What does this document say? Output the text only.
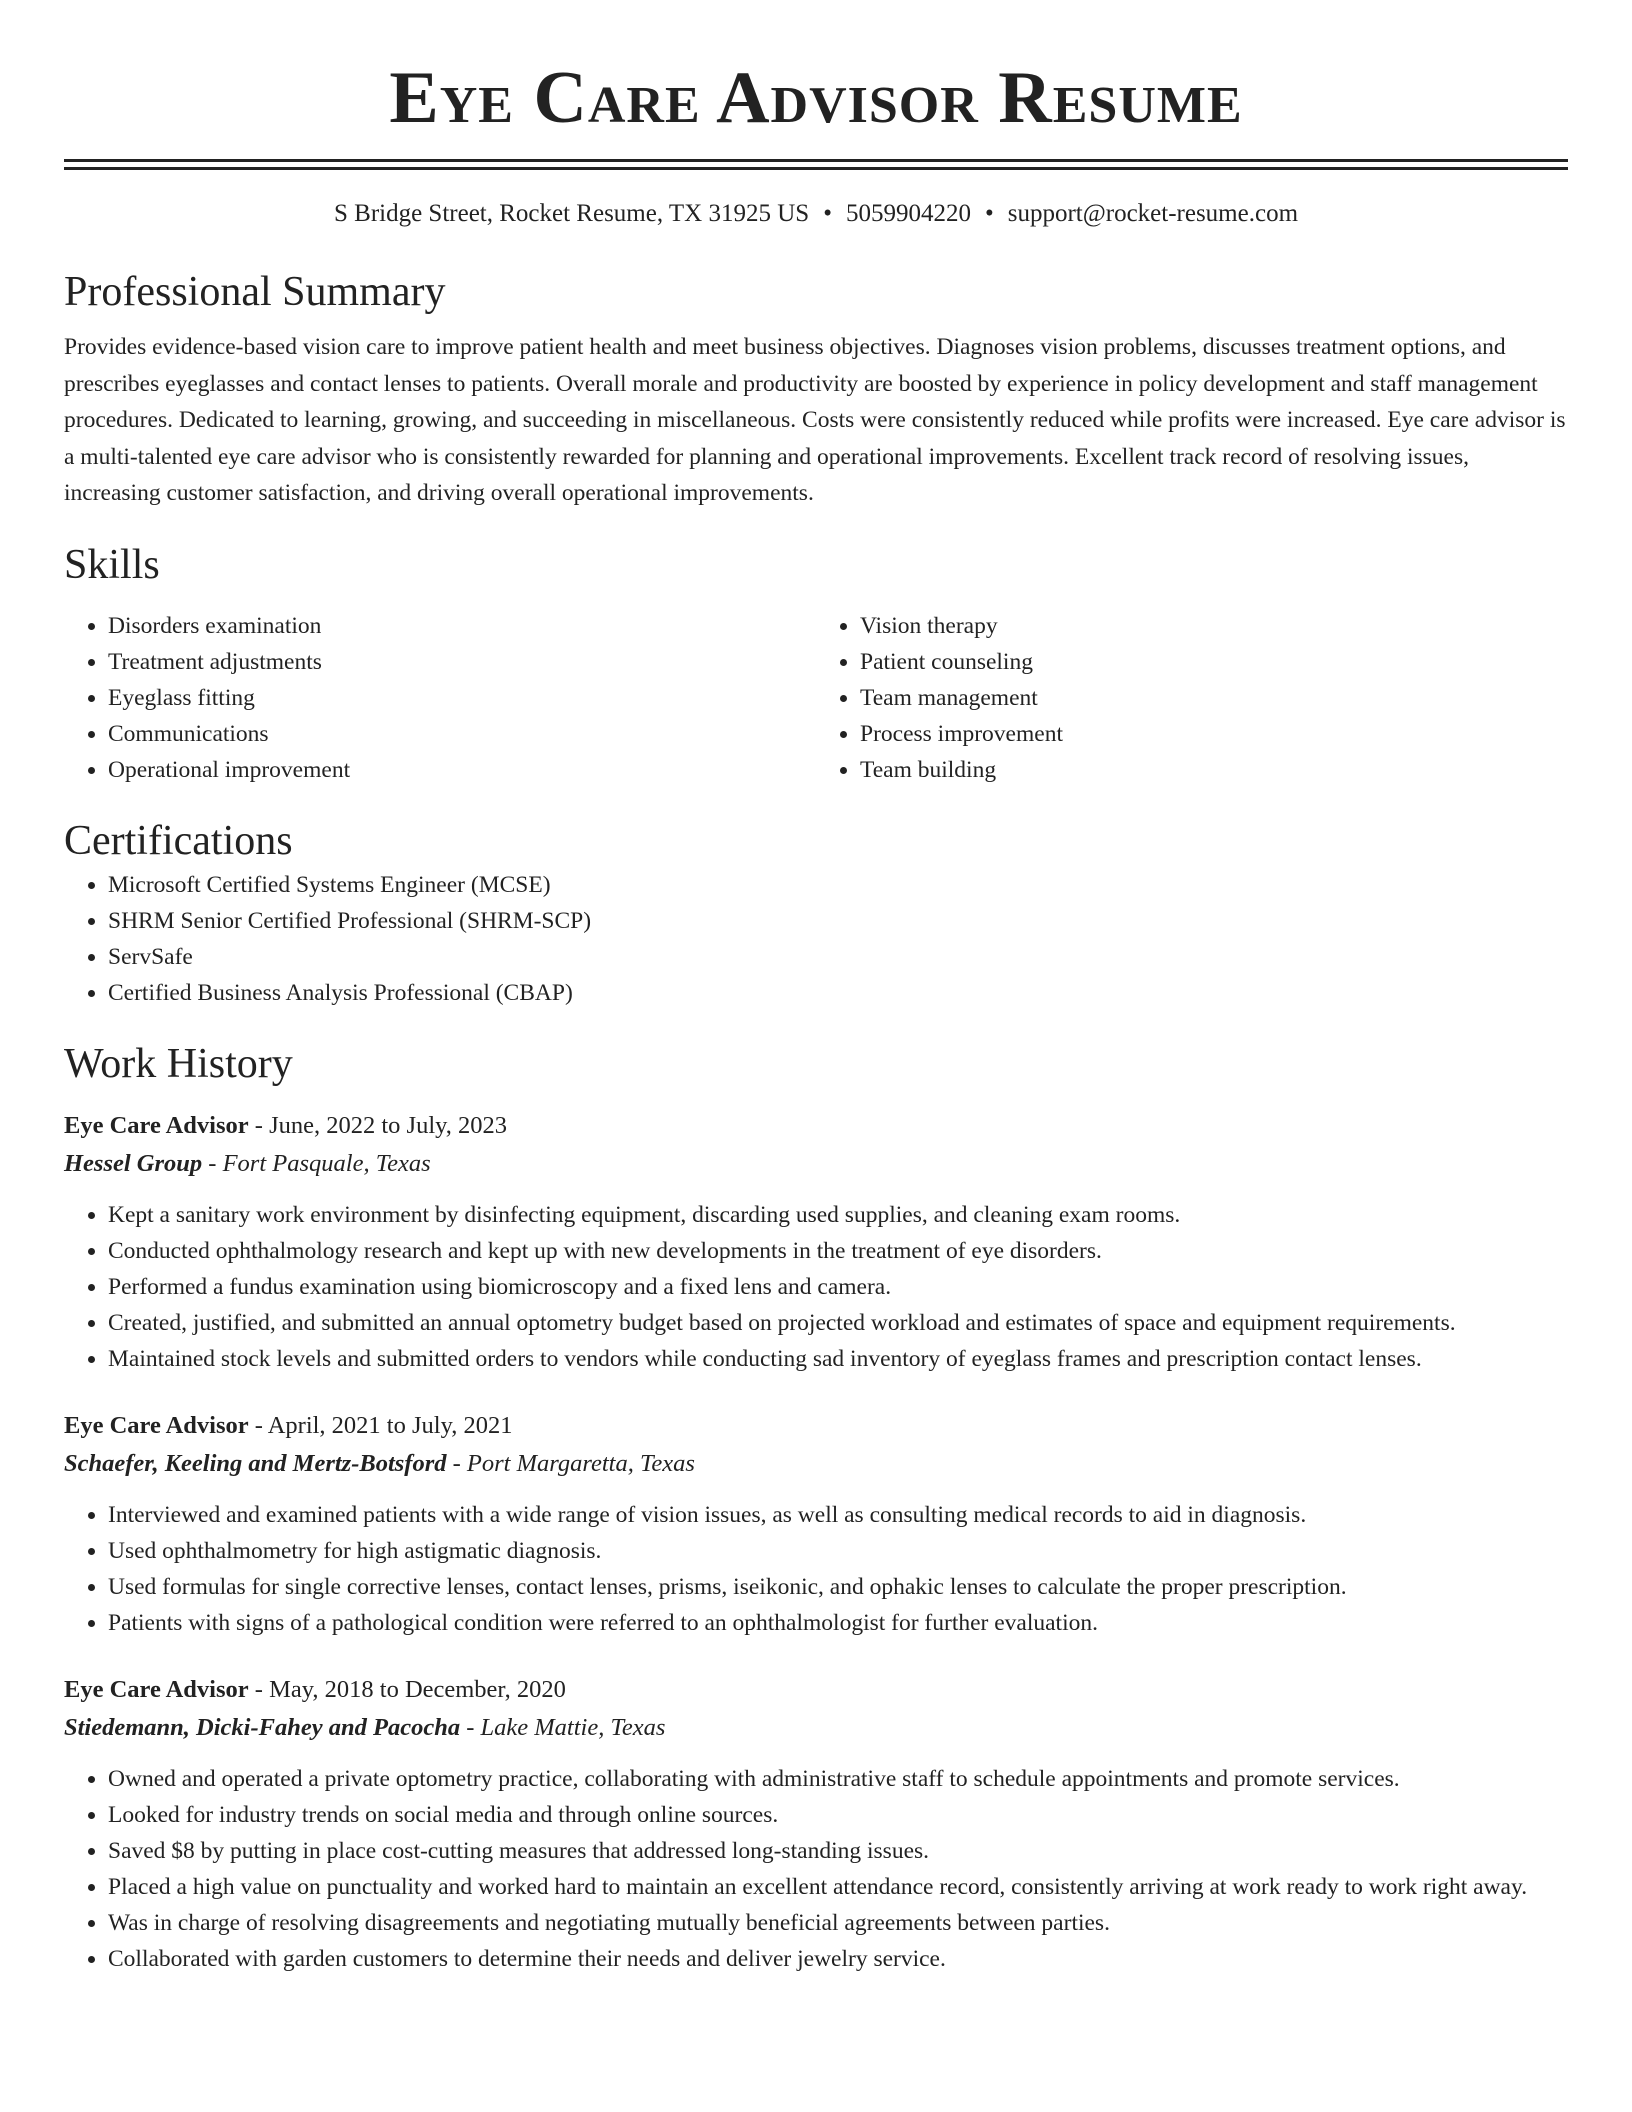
Eye Care Advisor Resume
S Bridge Street, Rocket Resume, TX 31925 US • 5059904220 • support@rocket-resume.com
Professional Summary

Provides evidence-based vision care to improve patient health and meet business objectives. Diagnoses vision problems, discusses treatment options, and prescribes eyeglasses and contact lenses to patients. Overall morale and productivity are boosted by experience in policy development and staff management procedures. Dedicated to learning, growing, and succeeding in miscellaneous. Costs were consistently reduced while profits were increased. Eye care advisor is a multi-talented eye care advisor who is consistently rewarded for planning and operational improvements. Excellent track record of resolving issues, increasing customer satisfaction, and driving overall operational improvements.

Skills
• Disorders examination
• Treatment adjustments
• Eyeglass fitting
• Communications
• Operational improvement
• Vision therapy
• Patient counseling
• Team management
• Process improvement
• Team building
Certifications
• Microsoft Certified Systems Engineer (MCSE)
• SHRM Senior Certified Professional (SHRM-SCP)
• ServSafe
• Certified Business Analysis Professional (CBAP)
Work History
Eye Care Advisor - June, 2022 to July, 2023
Hessel Group - Fort Pasquale, Texas
• Kept a sanitary work environment by disinfecting equipment, discarding used supplies, and cleaning exam rooms.
• Conducted ophthalmology research and kept up with new developments in the treatment of eye disorders.
• Performed a fundus examination using biomicroscopy and a fixed lens and camera.
• Created, justified, and submitted an annual optometry budget based on projected workload and estimates of space and equipment requirements.
• Maintained stock levels and submitted orders to vendors while conducting sad inventory of eyeglass frames and prescription contact lenses.
Eye Care Advisor - April, 2021 to July, 2021
Schaefer, Keeling and Mertz-Botsford - Port Margaretta, Texas
• Interviewed and examined patients with a wide range of vision issues, as well as consulting medical records to aid in diagnosis.
• Used ophthalmometry for high astigmatic diagnosis.
• Used formulas for single corrective lenses, contact lenses, prisms, iseikonic, and ophakic lenses to calculate the proper prescription.
• Patients with signs of a pathological condition were referred to an ophthalmologist for further evaluation.
Eye Care Advisor - May, 2018 to December, 2020
Stiedemann, Dicki-Fahey and Pacocha - Lake Mattie, Texas
• Owned and operated a private optometry practice, collaborating with administrative staff to schedule appointments and promote services.
• Looked for industry trends on social media and through online sources.
• Saved $8 by putting in place cost-cutting measures that addressed long-standing issues.
• Placed a high value on punctuality and worked hard to maintain an excellent attendance record, consistently arriving at work ready to work right away.
• Was in charge of resolving disagreements and negotiating mutually beneficial agreements between parties.
• Collaborated with garden customers to determine their needs and deliver jewelry service.
